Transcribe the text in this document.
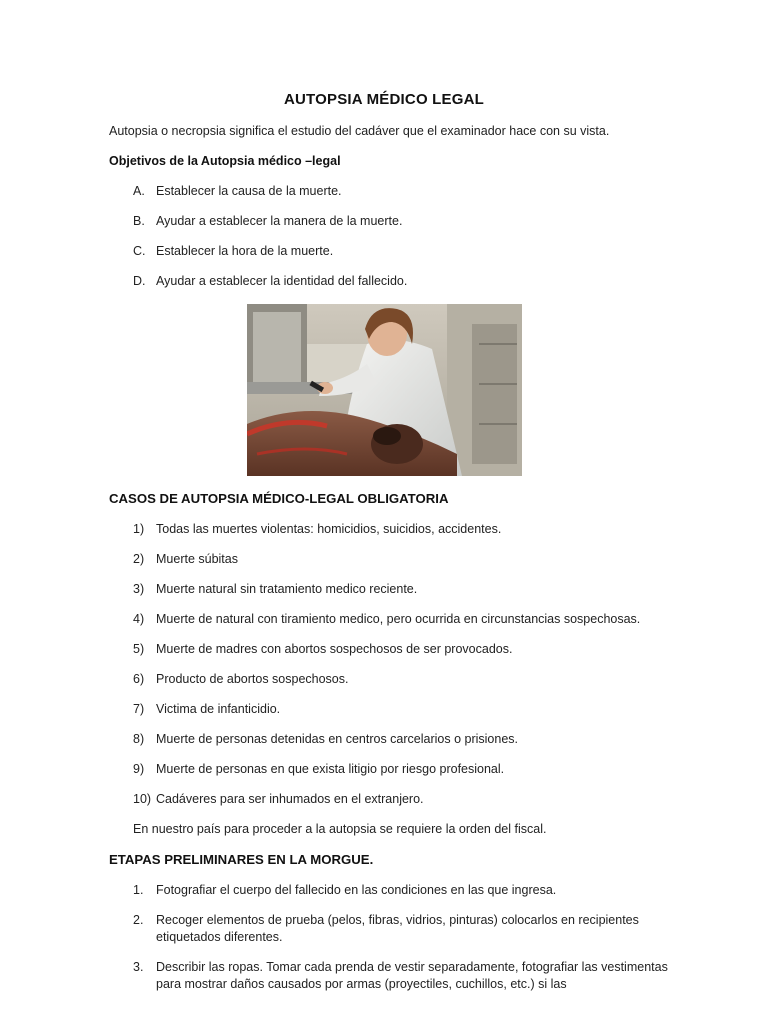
AUTOPSIA MÉDICO LEGAL
Autopsia o necropsia significa el estudio del cadáver que el examinador hace con su vista.
Objetivos de la Autopsia médico –legal
A. Establecer la causa de la muerte.
B. Ayudar a establecer la manera de la muerte.
C. Establecer la hora de la muerte.
D. Ayudar a establecer la identidad del fallecido.
CASOS DE AUTOPSIA MÉDICO-LEGAL OBLIGATORIA
1) Todas las muertes violentas: homicidios, suicidios, accidentes.
2) Muerte súbitas
3) Muerte natural sin tratamiento medico reciente.
4) Muerte de natural con tiramiento medico, pero ocurrida en circunstancias sospechosas.
5) Muerte de madres con abortos sospechosos de ser provocados.
6) Producto de abortos sospechosos.
7) Victima de infanticidio.
8) Muerte de personas detenidas en centros carcelarios o prisiones.
9) Muerte de personas en que exista litigio por riesgo profesional.
10) Cadáveres para ser inhumados en el extranjero.
En nuestro país para proceder a la autopsia se requiere la orden del fiscal.
ETAPAS PRELIMINARES EN LA MORGUE.
1. Fotografiar el cuerpo del fallecido en las condiciones en las que ingresa.
2. Recoger elementos de prueba (pelos, fibras, vidrios, pinturas) colocarlos en recipientes etiquetados diferentes.
3. Describir las ropas. Tomar cada prenda de vestir separadamente, fotografiar las vestimentas para mostrar daños causados por armas (proyectiles, cuchillos, etc.) si las
